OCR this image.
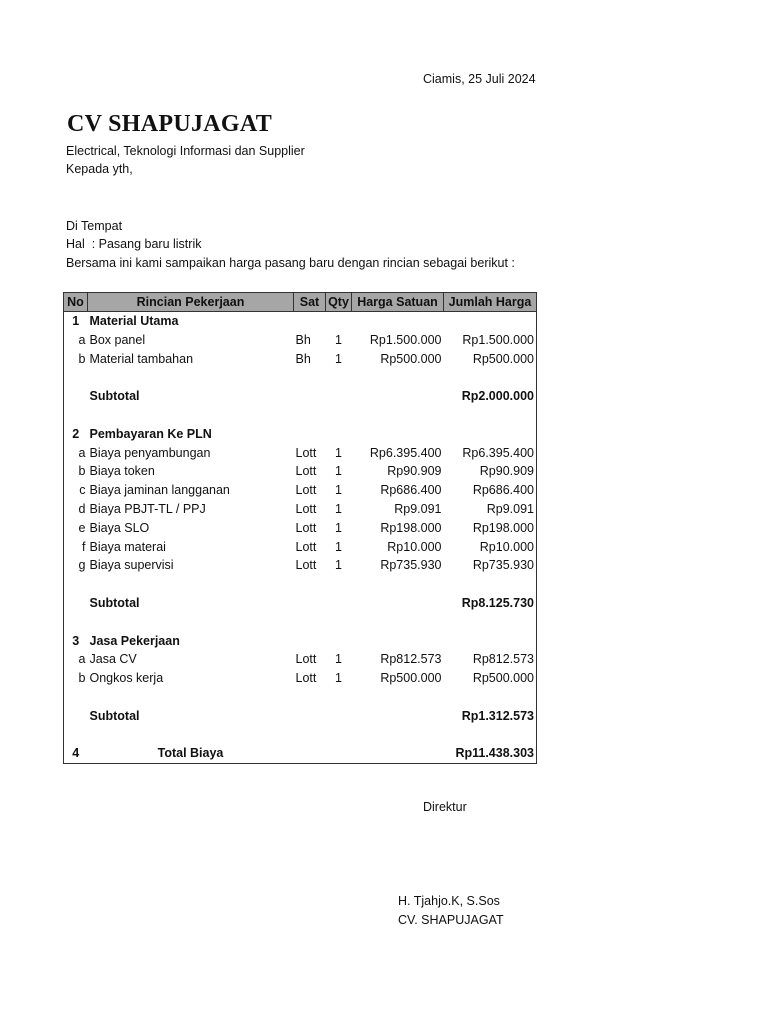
Ciamis, 25 Juli 2024
CV SHAPUJAGAT
Electrical, Teknologi Informasi dan Supplier
Kepada yth,
Di Tempat
Hal  : Pasang baru listrik
Bersama ini kami sampaikan harga pasang baru dengan rincian sebagai berikut :
No	Rincian Pekerjaan	Sat	Qty	Harga Satuan	Jumlah Harga
1	Material Utama				
a	Box panel	Bh	1	Rp1.500.000	Rp1.500.000
b	Material tambahan	Bh	1	Rp500.000	Rp500.000

	Subtotal				Rp2.000.000

2	Pembayaran Ke PLN				
a	Biaya penyambungan	Lott	1	Rp6.395.400	Rp6.395.400
b	Biaya token	Lott	1	Rp90.909	Rp90.909
c	Biaya jaminan langganan	Lott	1	Rp686.400	Rp686.400
d	Biaya PBJT-TL / PPJ	Lott	1	Rp9.091	Rp9.091
e	Biaya SLO	Lott	1	Rp198.000	Rp198.000
f	Biaya materai	Lott	1	Rp10.000	Rp10.000
g	Biaya supervisi	Lott	1	Rp735.930	Rp735.930

	Subtotal				Rp8.125.730

3	Jasa Pekerjaan				
a	Jasa CV	Lott	1	Rp812.573	Rp812.573
b	Ongkos kerja	Lott	1	Rp500.000	Rp500.000

	Subtotal				Rp1.312.573

4	Total Biaya				Rp11.438.303
Direktur
H. Tjahjo.K, S.Sos
CV. SHAPUJAGAT
